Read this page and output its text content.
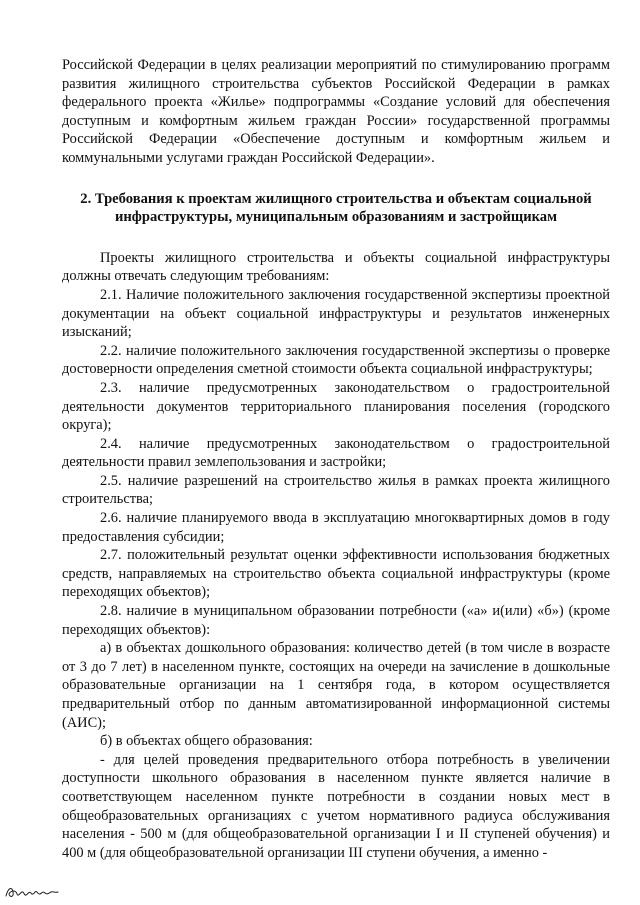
Российской Федерации в целях реализации мероприятий по стимулированию программ развития жилищного строительства субъектов Российской Федерации в рамках федерального проекта «Жилье» подпрограммы «Создание условий для обеспечения доступным и комфортным жильем граждан России» государственной программы Российской Федерации «Обеспечение доступным и комфортным жильем и коммунальными услугами граждан Российской Федерации».

2. Требования к проектам жилищного строительства и объектам социальной инфраструктуры, муниципальным образованиям и застройщикам

Проекты жилищного строительства и объекты социальной инфраструктуры должны отвечать следующим требованиям:

2.1. Наличие положительного заключения государственной экспертизы проектной документации на объект социальной инфраструктуры и результатов инженерных изысканий;

2.2. наличие положительного заключения государственной экспертизы о проверке достоверности определения сметной стоимости объекта социальной инфраструктуры;

2.3. наличие предусмотренных законодательством о градостроительной деятельности документов территориального планирования поселения (городского округа);

2.4. наличие предусмотренных законодательством о градостроительной деятельности правил землепользования и застройки;

2.5. наличие разрешений на строительство жилья в рамках проекта жилищного строительства;

2.6. наличие планируемого ввода в эксплуатацию многоквартирных домов в году предоставления субсидии;

2.7. положительный результат оценки эффективности использования бюджетных средств, направляемых на строительство объекта социальной инфраструктуры (кроме переходящих объектов);

2.8. наличие в муниципальном образовании потребности («а» и(или) «б») (кроме переходящих объектов):

а) в объектах дошкольного образования: количество детей (в том числе в возрасте от 3 до 7 лет) в населенном пункте, состоящих на очереди на зачисление в дошкольные образовательные организации на 1 сентября года, в котором осуществляется предварительный отбор по данным автоматизированной информационной системы (АИС);

б) в объектах общего образования:

- для целей проведения предварительного отбора потребность в увеличении доступности школьного образования в населенном пункте является наличие в соответствующем населенном пункте потребности в создании новых мест в общеобразовательных организациях с учетом нормативного радиуса обслуживания населения - 500 м (для общеобразовательной организации I и II ступеней обучения) и 400 м (для общеобразовательной организации III ступени обучения, а именно -
